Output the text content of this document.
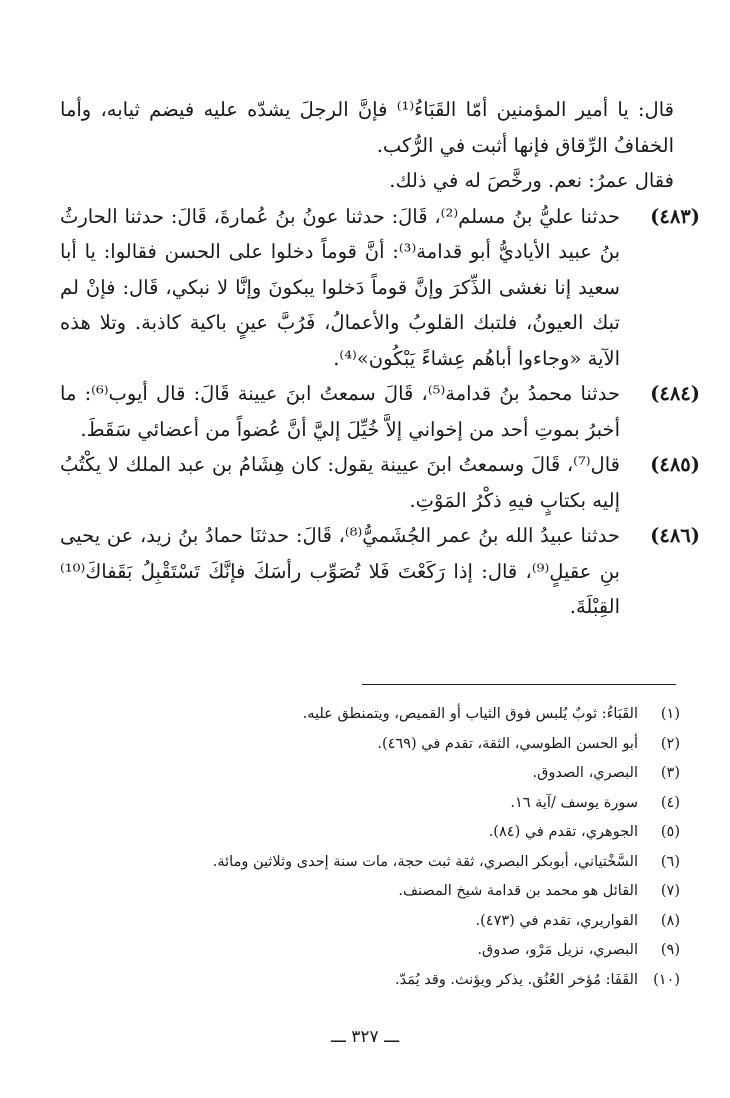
قال: يا أمير المؤمنين أمّا القَبَاءُ⁽¹⁾ فإنَّ الرجلَ يشدّه عليه فيضم ثيابه، وأما الخفافُ الرِّقاق فإنها أثبت في الرُّكب.

فقال عمرُ: نعم. ورخَّصَ له في ذلك.

(٤٨٣)حدثنا عليُّ بنُ مسلم⁽²⁾، قَالَ: حدثنا عونُ بنُ عُمارةَ، قَالَ: حدثنا الحارثُ بنُ عبيد الأياديُّ أبو قدامة⁽³⁾: أنَّ قوماً دخلوا على الحسن فقالوا: يا أبا سعيد إنا نغشى الذِّكرَ وإنَّ قوماً دَخلوا يبكونَ وإنَّا لا نبكي، قَال: فإنْ لم تبك العيونُ، فلتبك القلوبُ والأعمالُ، فَرُبَّ عينٍ باكية كاذبة. وتلا هذه الآية «وجاءوا أباهُم عِشاءً يَبْكُون»⁽⁴⁾.

(٤٨٤)حدثنا محمدُ بنُ قدامة⁽⁵⁾، قَالَ سمعتُ ابنَ عيينة قَالَ: قال أيوب⁽⁶⁾: ما أخبرُ بموتِ أحد من إخواني إلاَّ خُيِّلَ إليَّ أنَّ عُضواً من أعضائي سَقَطَ.

(٤٨٥)قال⁽⁷⁾، قَالَ وسمعتُ ابنَ عيينة يقول: كان هِشَامُ بن عبد الملك لا يكْتُبُ إليه بكتابٍ فيهِ ذكْرُ المَوْتِ.

(٤٨٦)حدثنا عبيدُ الله بنُ عمر الجُشَميُّ⁽⁸⁾، قَالَ: حدثنَا حمادُ بنُ زيد، عن يحيى بنِ عقيلٍ⁽⁹⁾، قال: إذا رَكَعْتَ فَلا تُصَوِّب رأسَكَ فإنَّكَ تَسْتَقْبِلُ بَقَفاكَ⁽¹⁰⁾ القِبْلَةَ.

(١)القَبَاءُ: ثوبٌ يُلبس فوق الثياب أو القميص، ويتمنطق عليه.
(٢)أبو الحسن الطوسي، الثقة، تقدم في (٤٦٩).
(٣)البصري، الصدوق.
(٤)سورة يوسف /آية ١٦.
(٥)الجوهري، تقدم في (٨٤).
(٦)السَّخْتياني، أبوبكر البصري، ثقة ثبت حجة، مات سنة إحدى وثلاثين ومائة.
(٧)القائل هو محمد بن قدامة شيخ المصنف.
(٨)القواريري، تقدم في (٤٧٣).
(٩)البصري، نزيل مَرْو، صدوق.
(١٠)القَفَا: مُؤخر العُنُق. يذكر ويؤنث. وقد يُمَدّ.
ـــ ٣٢٧ ـــ
